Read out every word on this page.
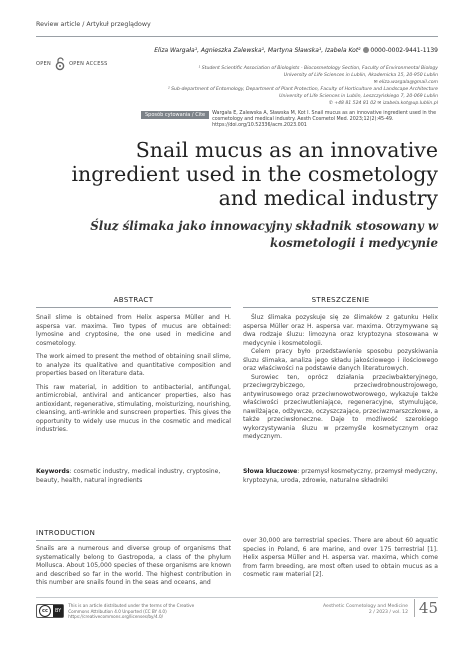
Review article / Artykuł przeglądowy
OPEN	OPEN ACCESS
Eliza Wargała¹, Agnieszka Zalewska¹, Martyna Sławska¹, Izabela Kot²  0000-0002-9441-1139

¹ Student Scientific Association of Biologists - Biocosmetology Section, Faculty of Environmental Biology

University of Life Sciences in Lublin, Akademicka 15, 20-950 Lublin

✉ eliza.wargala@gmail.com

² Sub-department of Entomology, Department of Plant Protection, Faculty of Horticulture and Landscape Architecture

University of Life Sciences in Lublin, Leszczyńskiego 7, 20-069 Lublin

✆ +48 81 524 81 02 ✉ izabela.kot@up.lublin.pl

Sposób cytowania / Cite	Wargała E, Zalewska A, Sławska M, Kot I. Snail mucus as an innovative ingredient used in the cosmetology and medical industry. Aesth Cosmetol Med. 2023;12(2):45-49. https://doi.org/10.52336/acm.2023.001
Snail mucus as an innovative ingredient used in the cosmetology and medical industry
Śluz ślimaka jako innowacyjny składnik stosowany w kosmetologii i medycynie
ABSTRACT

Snail slime is obtained from Helix aspersa Müller and H. aspersa var. maxima. Two types of mucus are obtained: lymosine and cryptosine, the one used in medicine and cosmetology.

The work aimed to present the method of obtaining snail slime, to analyze its qualitative and quantitative composition and properties based on literature data.

This raw material, in addition to antibacterial, antifungal, antimicrobial, antiviral and anticancer properties, also has antioxidant, regenerative, stimulating, moisturizing, nourishing, cleansing, anti-wrinkle and sunscreen properties. This gives the opportunity to widely use mucus in the cosmetic and medical industries.

STRESZCZENIE

Śluz ślimaka pozyskuje się ze ślimaków z gatunku Helix aspersa Müller oraz H. aspersa var. maxima. Otrzymywane są dwa rodzaje śluzu: limozyna oraz kryptozyna stosowana w medycynie i kosmetologii.

Celem pracy było przedstawienie sposobu pozyskiwania śluzu ślimaka, analiza jego składu jakościowego i ilościowego oraz właściwości na podstawie danych literaturowych.

Surowiec ten, oprócz działania przeciwbakteryjnego, przeciwgrzybiczego, przeciwdrobnoustrojowego, antywirusowego oraz przeciwnowotworowego, wykazuje także właściwości przeciwutleniające, regeneracyjne, stymulujące, nawilżające, odżywcze, oczyszczające, przeciwzmarszczkowe, a także przeciwsłoneczne. Daje to możliwość szerokiego wykorzystywania śluzu w przemyśle kosmetycznym oraz medycznym.

Keywords: cosmetic industry, medical industry, cryptosine, beauty, health, natural ingredients
Słowa kluczowe: przemysł kosmetyczny, przemysł medyczny, kryptozyna, uroda, zdrowie, naturalne składniki
INTRODUCTION
Snails are a numerous and diverse group of organisms that systematically belong to Gastropoda, a class of the phylum Mollusca. About 105,000 species of these organisms are known and described so far in the world. The highest contribution in this number are snails found in the seas and oceans, and
over 30,000 are terrestrial species. There are about 60 aquatic species in Poland, 6 are marine, and over 175 terrestrial [1]. Helix aspersa Müller and H. aspersa var. maxima, which come from farm breeding, are most often used to obtain mucus as a cosmetic raw material [2].
cc	BY
This is an article distributed under the terms of the Creative Commons Attribution 4.0 Unported (CC BY 4.0) https://creativecommons.org/licenses/by/4.0/
Aesthetic Cosmetology and Medicine
2 / 2023 / vol. 12 45
